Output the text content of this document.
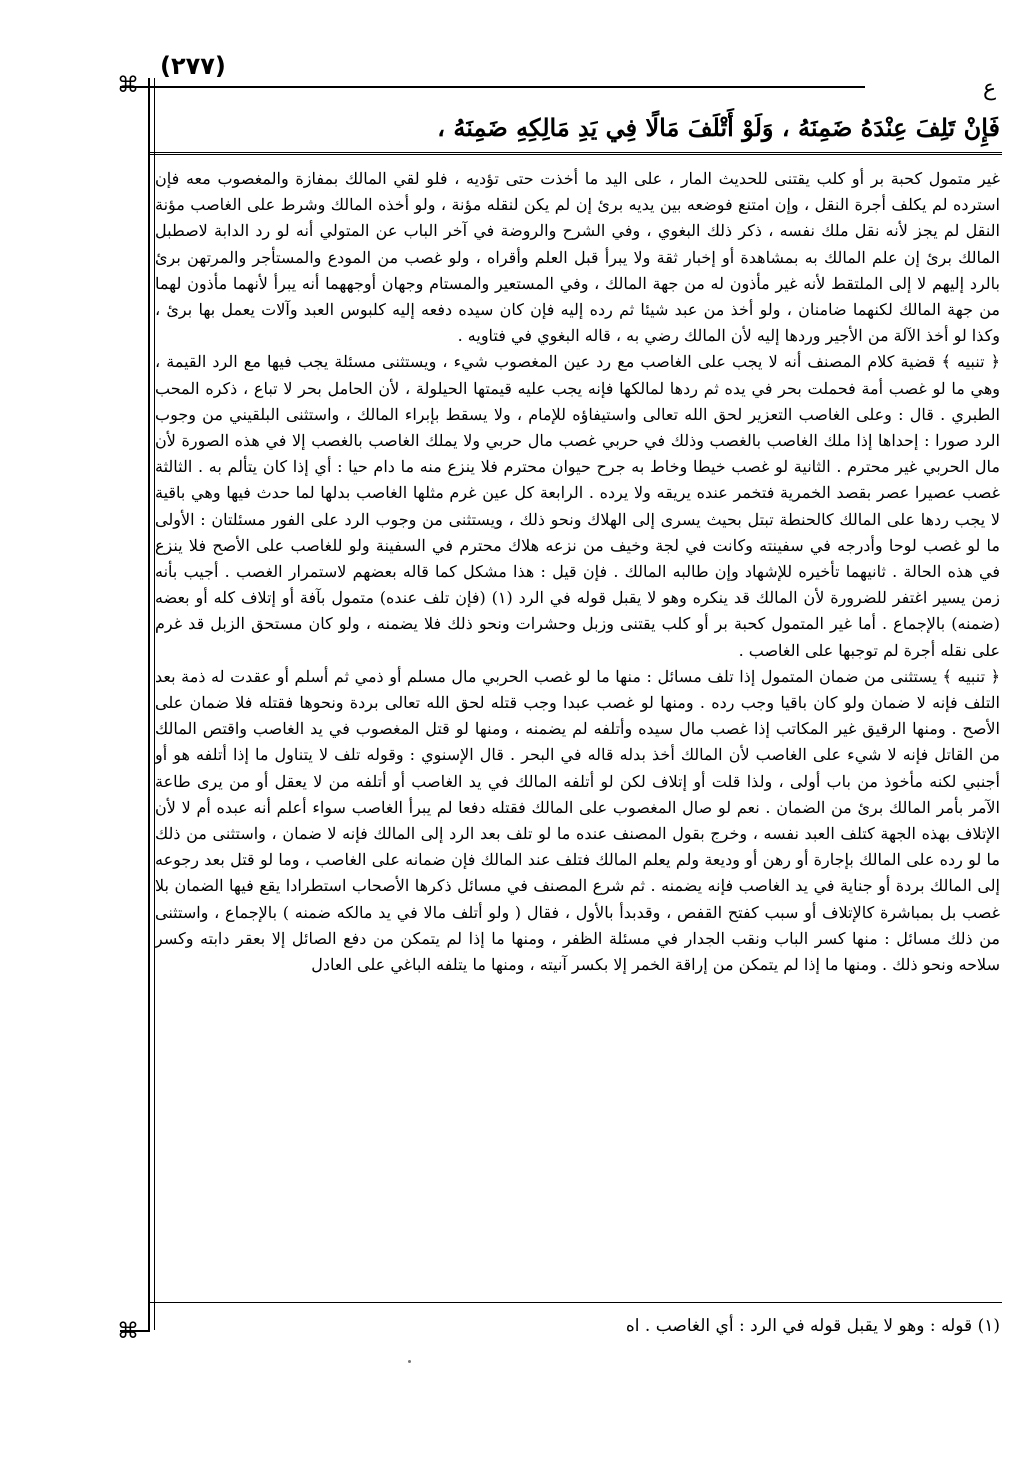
(٢٧٧)
ع
⌘
⌘
فَإِنْ تَلِفَ عِنْدَهُ ضَمِنَهُ ، وَلَوْ أَتْلَفَ مَالًا فِي يَدِ مَالِكِهِ ضَمِنَهُ ،

غير متمول كحبة بر أو كلب يقتنى للحديث المار ، على اليد ما أخذت حتى تؤديه ، فلو لقي المالك بمفازة والمغصوب معه فإن استرده لم يكلف أجرة النقل ، وإن امتنع فوضعه بين يديه برئ إن لم يكن لنقله مؤنة ، ولو أخذه المالك وشرط على الغاصب مؤنة النقل لم يجز لأنه نقل ملك نفسه ، ذكر ذلك البغوي ، وفي الشرح والروضة في آخر الباب عن المتولي أنه لو رد الدابة لاصطبل المالك برئ إن علم المالك به بمشاهدة أو إخبار ثقة ولا يبرأ قبل العلم وأقراه ، ولو غصب من المودع والمستأجر والمرتهن برئ بالرد إليهم لا إلى الملتقط لأنه غير مأذون له من جهة المالك ، وفي المستعير والمستام وجهان أوجههما أنه يبرأ لأنهما مأذون لهما من جهة المالك لكنهما ضامنان ، ولو أخذ من عبد شيئا ثم رده إليه فإن كان سيده دفعه إليه كلبوس العبد وآلات يعمل بها برئ ، وكذا لو أخذ الآلة من الأجير وردها إليه لأن المالك رضي به ، قاله البغوي في فتاويه .

﴿ تنبيه ﴾ قضية كلام المصنف أنه لا يجب على الغاصب مع رد عين المغصوب شيء ، ويستثنى مسئلة يجب فيها مع الرد القيمة ، وهي ما لو غصب أمة فحملت بحر في يده ثم ردها لمالكها فإنه يجب عليه قيمتها الحيلولة ، لأن الحامل بحر لا تباع ، ذكره المحب الطبري . قال : وعلى الغاصب التعزير لحق الله تعالى واستيفاؤه للإمام ، ولا يسقط بإبراء المالك ، واستثنى البلقيني من وجوب الرد صورا : إحداها إذا ملك الغاصب بالغصب وذلك في حربي غصب مال حربي ولا يملك الغاصب بالغصب إلا في هذه الصورة لأن مال الحربي غير محترم . الثانية لو غصب خيطا وخاط به جرح حيوان محترم فلا ينزع منه ما دام حيا : أي إذا كان يتألم به . الثالثة غصب عصيرا عصر بقصد الخمرية فتخمر عنده يريقه ولا يرده . الرابعة كل عين غرم مثلها الغاصب بدلها لما حدث فيها وهي باقية لا يجب ردها على المالك كالحنطة تبتل بحيث يسرى إلى الهلاك ونحو ذلك ، ويستثنى من وجوب الرد على الفور مسئلتان : الأولى ما لو غصب لوحا وأدرجه في سفينته وكانت في لجة وخيف من نزعه هلاك محترم في السفينة ولو للغاصب على الأصح فلا ينزع في هذه الحالة . ثانيهما تأخيره للإشهاد وإن طالبه المالك . فإن قيل : هذا مشكل كما قاله بعضهم لاستمرار الغصب . أجيب بأنه زمن يسير اغتفر للضرورة لأن المالك قد ينكره وهو لا يقبل قوله في الرد (١) (فإن تلف عنده) متمول بآفة أو إتلاف كله أو بعضه (ضمنه) بالإجماع . أما غير المتمول كحبة بر أو كلب يقتنى وزبل وحشرات ونحو ذلك فلا يضمنه ، ولو كان مستحق الزبل قد غرم على نقله أجرة لم توجبها على الغاصب .

﴿ تنبيه ﴾ يستثنى من ضمان المتمول إذا تلف مسائل : منها ما لو غصب الحربي مال مسلم أو ذمي ثم أسلم أو عقدت له ذمة بعد التلف فإنه لا ضمان ولو كان باقيا وجب رده . ومنها لو غصب عبدا وجب قتله لحق الله تعالى بردة ونحوها فقتله فلا ضمان على الأصح . ومنها الرقيق غير المكاتب إذا غصب مال سيده وأتلفه لم يضمنه ، ومنها لو قتل المغصوب في يد الغاصب واقتص المالك من القاتل فإنه لا شيء على الغاصب لأن المالك أخذ بدله قاله في البحر . قال الإسنوي : وقوله تلف لا يتناول ما إذا أتلفه هو أو أجنبي لكنه مأخوذ من باب أولى ، ولذا قلت أو إتلاف لكن لو أتلفه المالك في يد الغاصب أو أتلفه من لا يعقل أو من يرى طاعة الآمر بأمر المالك برئ من الضمان . نعم لو صال المغصوب على المالك فقتله دفعا لم يبرأ الغاصب سواء أعلم أنه عبده أم لا لأن الإتلاف بهذه الجهة كتلف العبد نفسه ، وخرج بقول المصنف عنده ما لو تلف بعد الرد إلى المالك فإنه لا ضمان ، واستثنى من ذلك ما لو رده على المالك بإجارة أو رهن أو وديعة ولم يعلم المالك فتلف عند المالك فإن ضمانه على الغاصب ، وما لو قتل بعد رجوعه إلى المالك بردة أو جناية في يد الغاصب فإنه يضمنه . ثم شرع المصنف في مسائل ذكرها الأصحاب استطرادا يقع فيها الضمان بلا غصب بل بمباشرة كالإتلاف أو سبب كفتح القفص ، وقدبدأ بالأول ، فقال ( ولو أتلف مالا في يد مالكه ضمنه ) بالإجماع ، واستثنى من ذلك مسائل : منها كسر الباب ونقب الجدار في مسئلة الظفر ، ومنها ما إذا لم يتمكن من دفع الصائل إلا بعقر دابته وكسر سلاحه ونحو ذلك . ومنها ما إذا لم يتمكن من إراقة الخمر إلا بكسر آنيته ، ومنها ما يتلفه الباغي على العادل

(١) قوله : وهو لا يقبل قوله في الرد : أي الغاصب . اه
